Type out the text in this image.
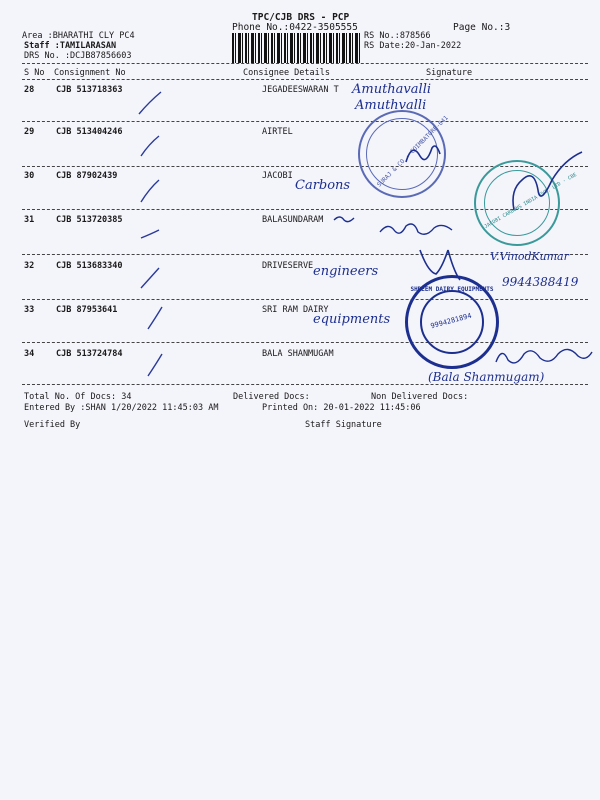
TPC/CJB DRS - PCP
Phone No.:0422-3505555	Page No.:3
Area :BHARATHI CLY PC4
Staff :TAMILARASAN
DRS No. :DCJB87856603
RS No.:878566
RS Date:20-Jan-2022
S No Consignment No	Consignee Details	Signature
28	CJB 513718363	JEGADEESWARAN T
29	CJB 513404246	AIRTEL
30	CJB 87902439	JACOBI
31	CJB 513720385	BALASUNDARAM
32	CJB 513683340	DRIVESERVE
33	CJB 87953641	SRI RAM DAIRY
34	CJB 513724784	BALA SHANMUGAM
SURAJ & CO · COIMBATORE-641
JACOBI CARBONS INDIA PVT. LTD · CBE
SHREEM DAIRY EQUIPMENTS
9994281894
Amuthavalli
Amuthvalli
Carbons
engineers
V.VinodKumar
9944388419
equipments
(Bala Shanmugam)
Total No. Of Docs: 34	Delivered Docs:	Non Delivered Docs:
Entered By :SHAN 1/20/2022 11:45:03 AM	Printed On: 20-01-2022 11:45:06
Verified By	Staff Signature
